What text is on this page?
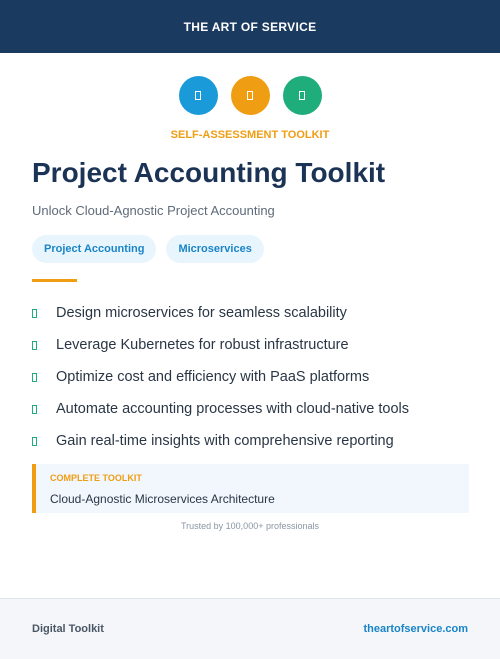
THE ART OF SERVICE
SELF-ASSESSMENT TOOLKIT
Project Accounting Toolkit
Unlock Cloud-Agnostic Project Accounting
Project Accounting	Microservices
Design microservices for seamless scalability
Leverage Kubernetes for robust infrastructure
Optimize cost and efficiency with PaaS platforms
Automate accounting processes with cloud-native tools
Gain real-time insights with comprehensive reporting
COMPLETE TOOLKIT
Cloud-Agnostic Microservices Architecture
Trusted by 100,000+ professionals
Digital Toolkit	theartofservice.com
